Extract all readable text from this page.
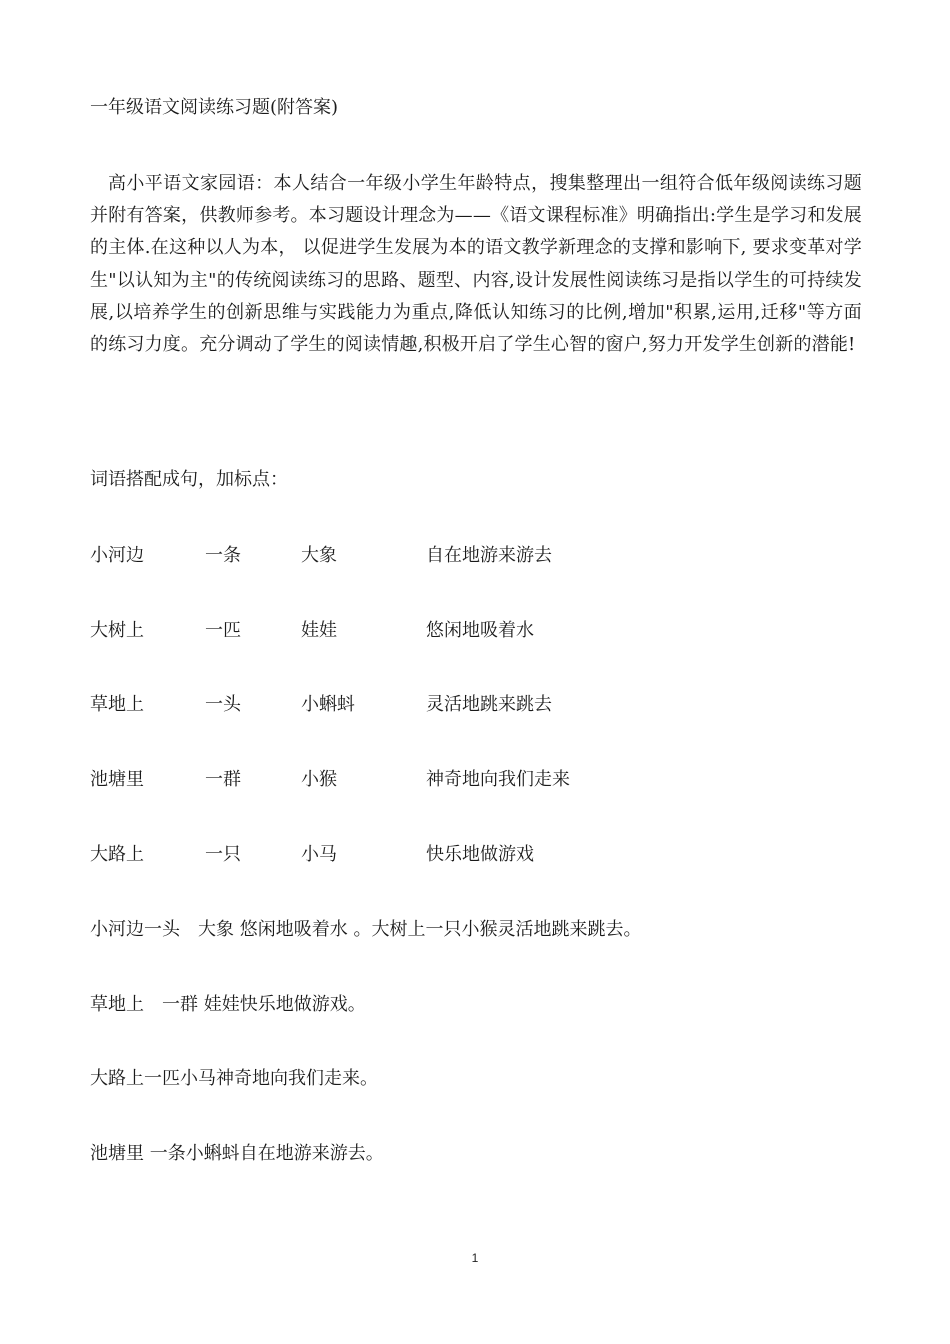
一年级语文阅读练习题(附答案)

高小平语文家园语：本人结合一年级小学生年龄特点，搜集整理出一组符合低年级阅读练习题并附有答案，供教师参考。本习题设计理念为——《语文课程标准》明确指出:学生是学习和发展的主体.在这种以人为本， 以促进学生发展为本的语文教学新理念的支撑和影响下, 要求变革对学生"以认知为主"的传统阅读练习的思路、题型、内容,设计发展性阅读练习是指以学生的可持续发展,以培养学生的创新思维与实践能力为重点,降低认知练习的比例,增加"积累,运用,迁移"等方面的练习力度。充分调动了学生的阅读情趣,积极开启了学生心智的窗户,努力开发学生创新的潜能!

词语搭配成句，加标点：

小河边	一条	大象	自在地游来游去
大树上	一匹	娃娃	悠闲地吸着水
草地上	一头	小蝌蚪	灵活地跳来跳去
池塘里	一群	小猴	神奇地向我们走来
大路上	一只	小马	快乐地做游戏

小河边一头　大象 悠闲地吸着水 。大树上一只小猴灵活地跳来跳去。

草地上　一群 娃娃快乐地做游戏。

大路上一匹小马神奇地向我们走来。

池塘里 一条小蝌蚪自在地游来游去。

1
